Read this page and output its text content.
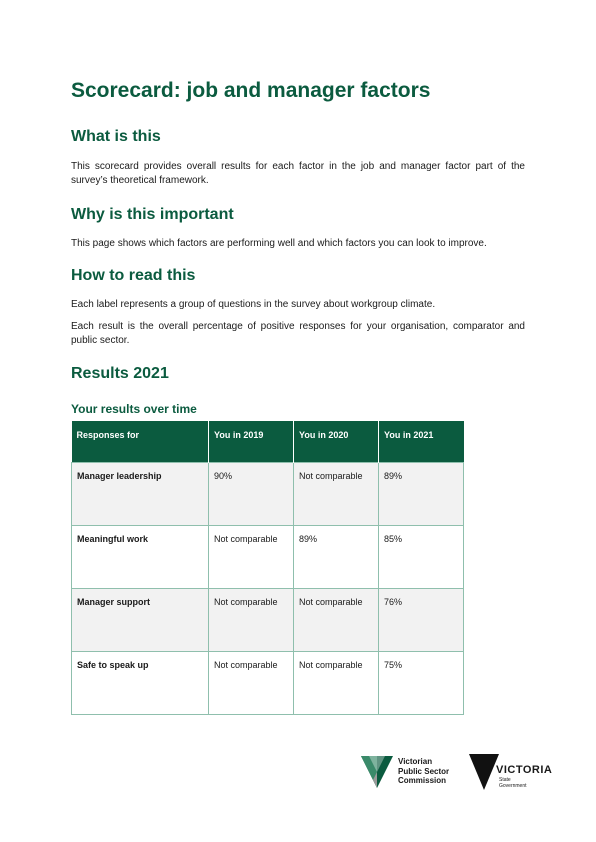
Scorecard: job and manager factors
What is this

This scorecard provides overall results for each factor in the job and manager factor part of the survey’s theoretical framework.

Why is this important

This page shows which factors are performing well and which factors you can look to improve.

How to read this

Each label represents a group of questions in the survey about workgroup climate.

Each result is the overall percentage of positive responses for your organisation, comparator and public sector.

Results 2021
Your results over time
Responses for	You in 2019	You in 2020	You in 2021
Manager leadership	90%	Not comparable	89%
Meaningful work	Not comparable	89%	85%
Manager support	Not comparable	Not comparable	76%
Safe to speak up	Not comparable	Not comparable	75%
Victorian
Public Sector
Commission
VICTORIA
State
Government
